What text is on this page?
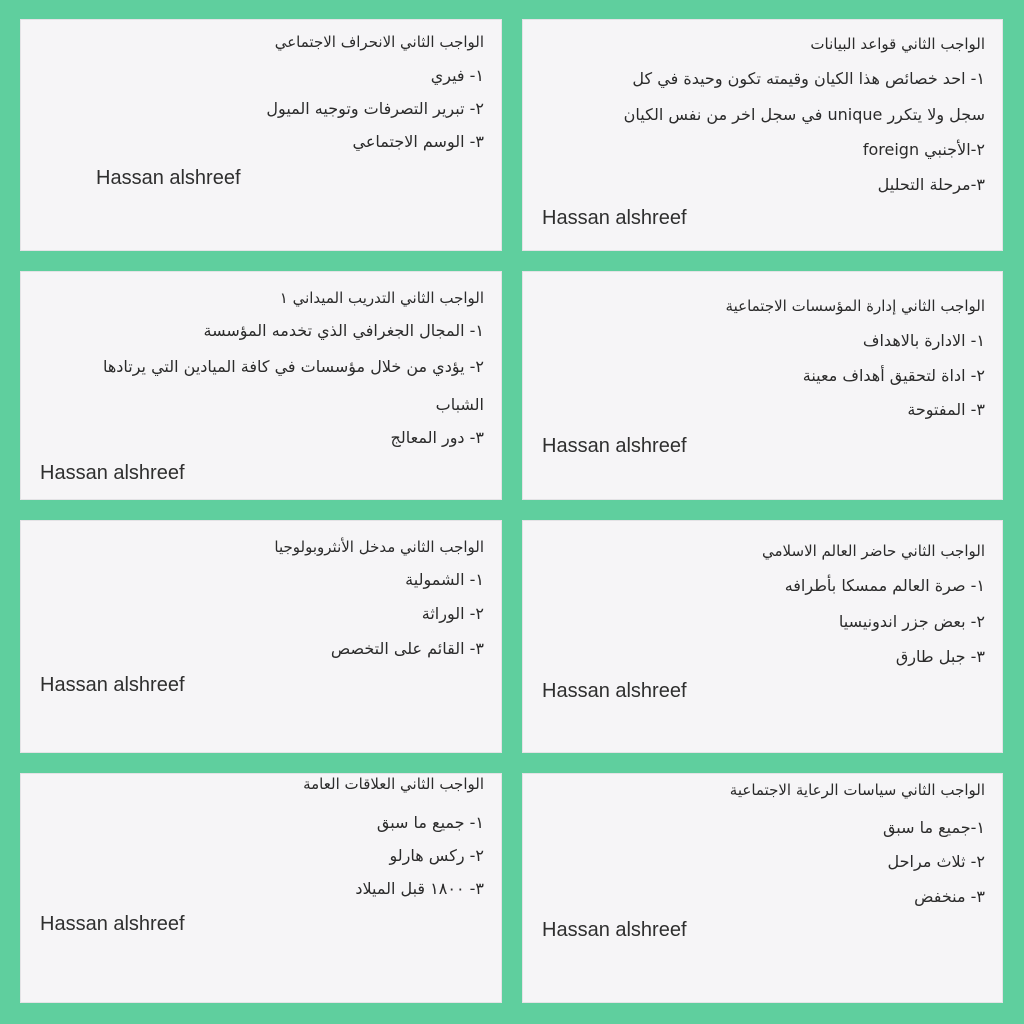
الواجب الثاني قواعد البيانات
١- احد خصائص هذا الكيان وقيمته تكون وحيدة في كل
سجل ولا يتكرر unique في سجل اخر من نفس الكيان
٢-الأجنبي foreign
٣-مرحلة التحليل
Hassan alshreef
الواجب الثاني الانحراف الاجتماعي
١- فيري
٢- تبرير التصرفات وتوجيه الميول
٣- الوسم الاجتماعي
Hassan alshreef
الواجب الثاني إدارة المؤسسات الاجتماعية
١- الادارة بالاهداف
٢- اداة لتحقيق أهداف معينة
٣- المفتوحة
Hassan alshreef
الواجب الثاني التدريب الميداني ١
١- المجال الجغرافي الذي تخدمه المؤسسة
٢- يؤدي من خلال مؤسسات في كافة الميادين التي يرتادها
الشباب
٣- دور المعالج
Hassan alshreef
الواجب الثاني حاضر العالم الاسلامي
١- صرة العالم ممسكا بأطرافه
٢- بعض جزر اندونيسيا
٣- جبل طارق
Hassan alshreef
الواجب الثاني مدخل الأنثروبولوجيا
١- الشمولية
٢- الوراثة
٣- القائم على التخصص
Hassan alshreef
الواجب الثاني سياسات الرعاية الاجتماعية
١-جميع ما سبق
٢- ثلاث مراحل
٣- منخفض
Hassan alshreef
الواجب الثاني العلاقات العامة
١- جميع ما سبق
٢- ركس هارلو
٣- ١٨٠٠ قبل الميلاد
Hassan alshreef
